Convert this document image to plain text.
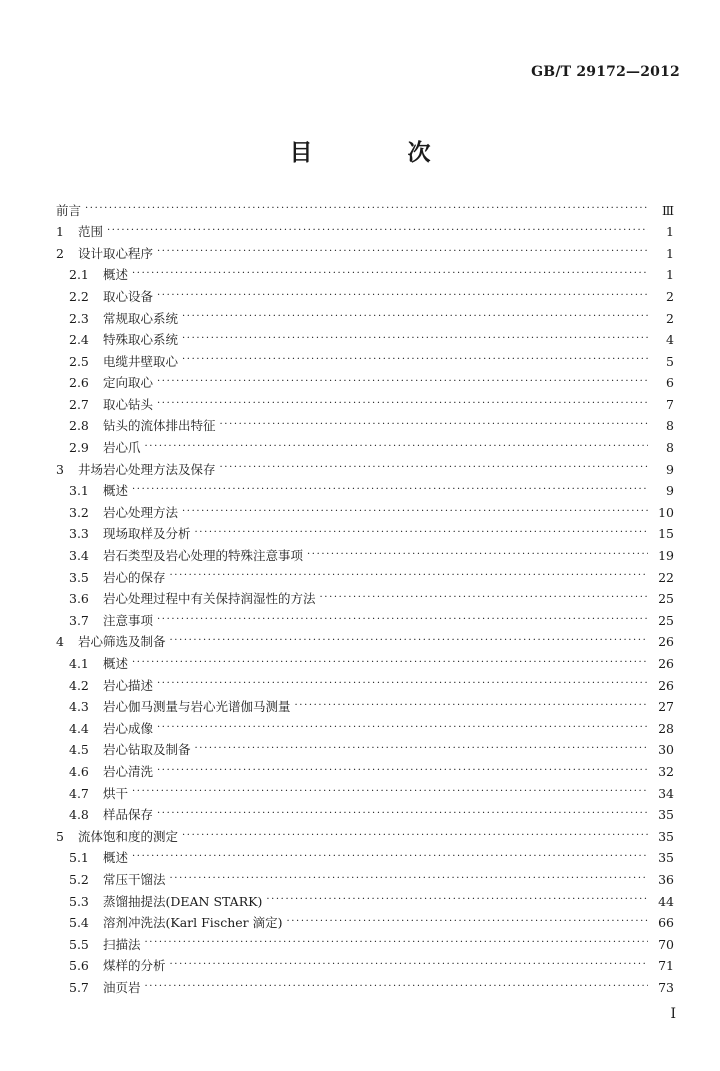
GB/T 29172—2012
目　次
前言 ·····	Ⅲ
1	范围 ·····	1
2	设计取心程序 ·····	1
2.1	概述 ·····	1
2.2	取心设备 ·····	2
2.3	常规取心系统 ·····	2
2.4	特殊取心系统 ·····	4
2.5	电缆井壁取心 ·····	5
2.6	定向取心 ·····	6
2.7	取心钻头 ·····	7
2.8	钻头的流体排出特征 ·····	8
2.9	岩心爪 ·····	8
3	井场岩心处理方法及保存 ·····	9
3.1	概述 ·····	9
3.2	岩心处理方法 ·····	10
3.3	现场取样及分析 ·····	15
3.4	岩石类型及岩心处理的特殊注意事项 ·····	19
3.5	岩心的保存 ·····	22
3.6	岩心处理过程中有关保持润湿性的方法 ·····	25
3.7	注意事项 ·····	25
4	岩心筛选及制备 ·····	26
4.1	概述 ·····	26
4.2	岩心描述 ·····	26
4.3	岩心伽马测量与岩心光谱伽马测量 ·····	27
4.4	岩心成像 ·····	28
4.5	岩心钻取及制备 ·····	30
4.6	岩心清洗 ·····	32
4.7	烘干 ·····	34
4.8	样品保存 ·····	35
5	流体饱和度的测定 ·····	35
5.1	概述 ·····	35
5.2	常压干馏法 ·····	36
5.3	蒸馏抽提法(DEAN STARK) ·····	44
5.4	溶剂冲洗法(Karl Fischer 滴定) ·····	66
5.5	扫描法 ·····	70
5.6	煤样的分析 ·····	71
5.7	油页岩 ·····	73
I
